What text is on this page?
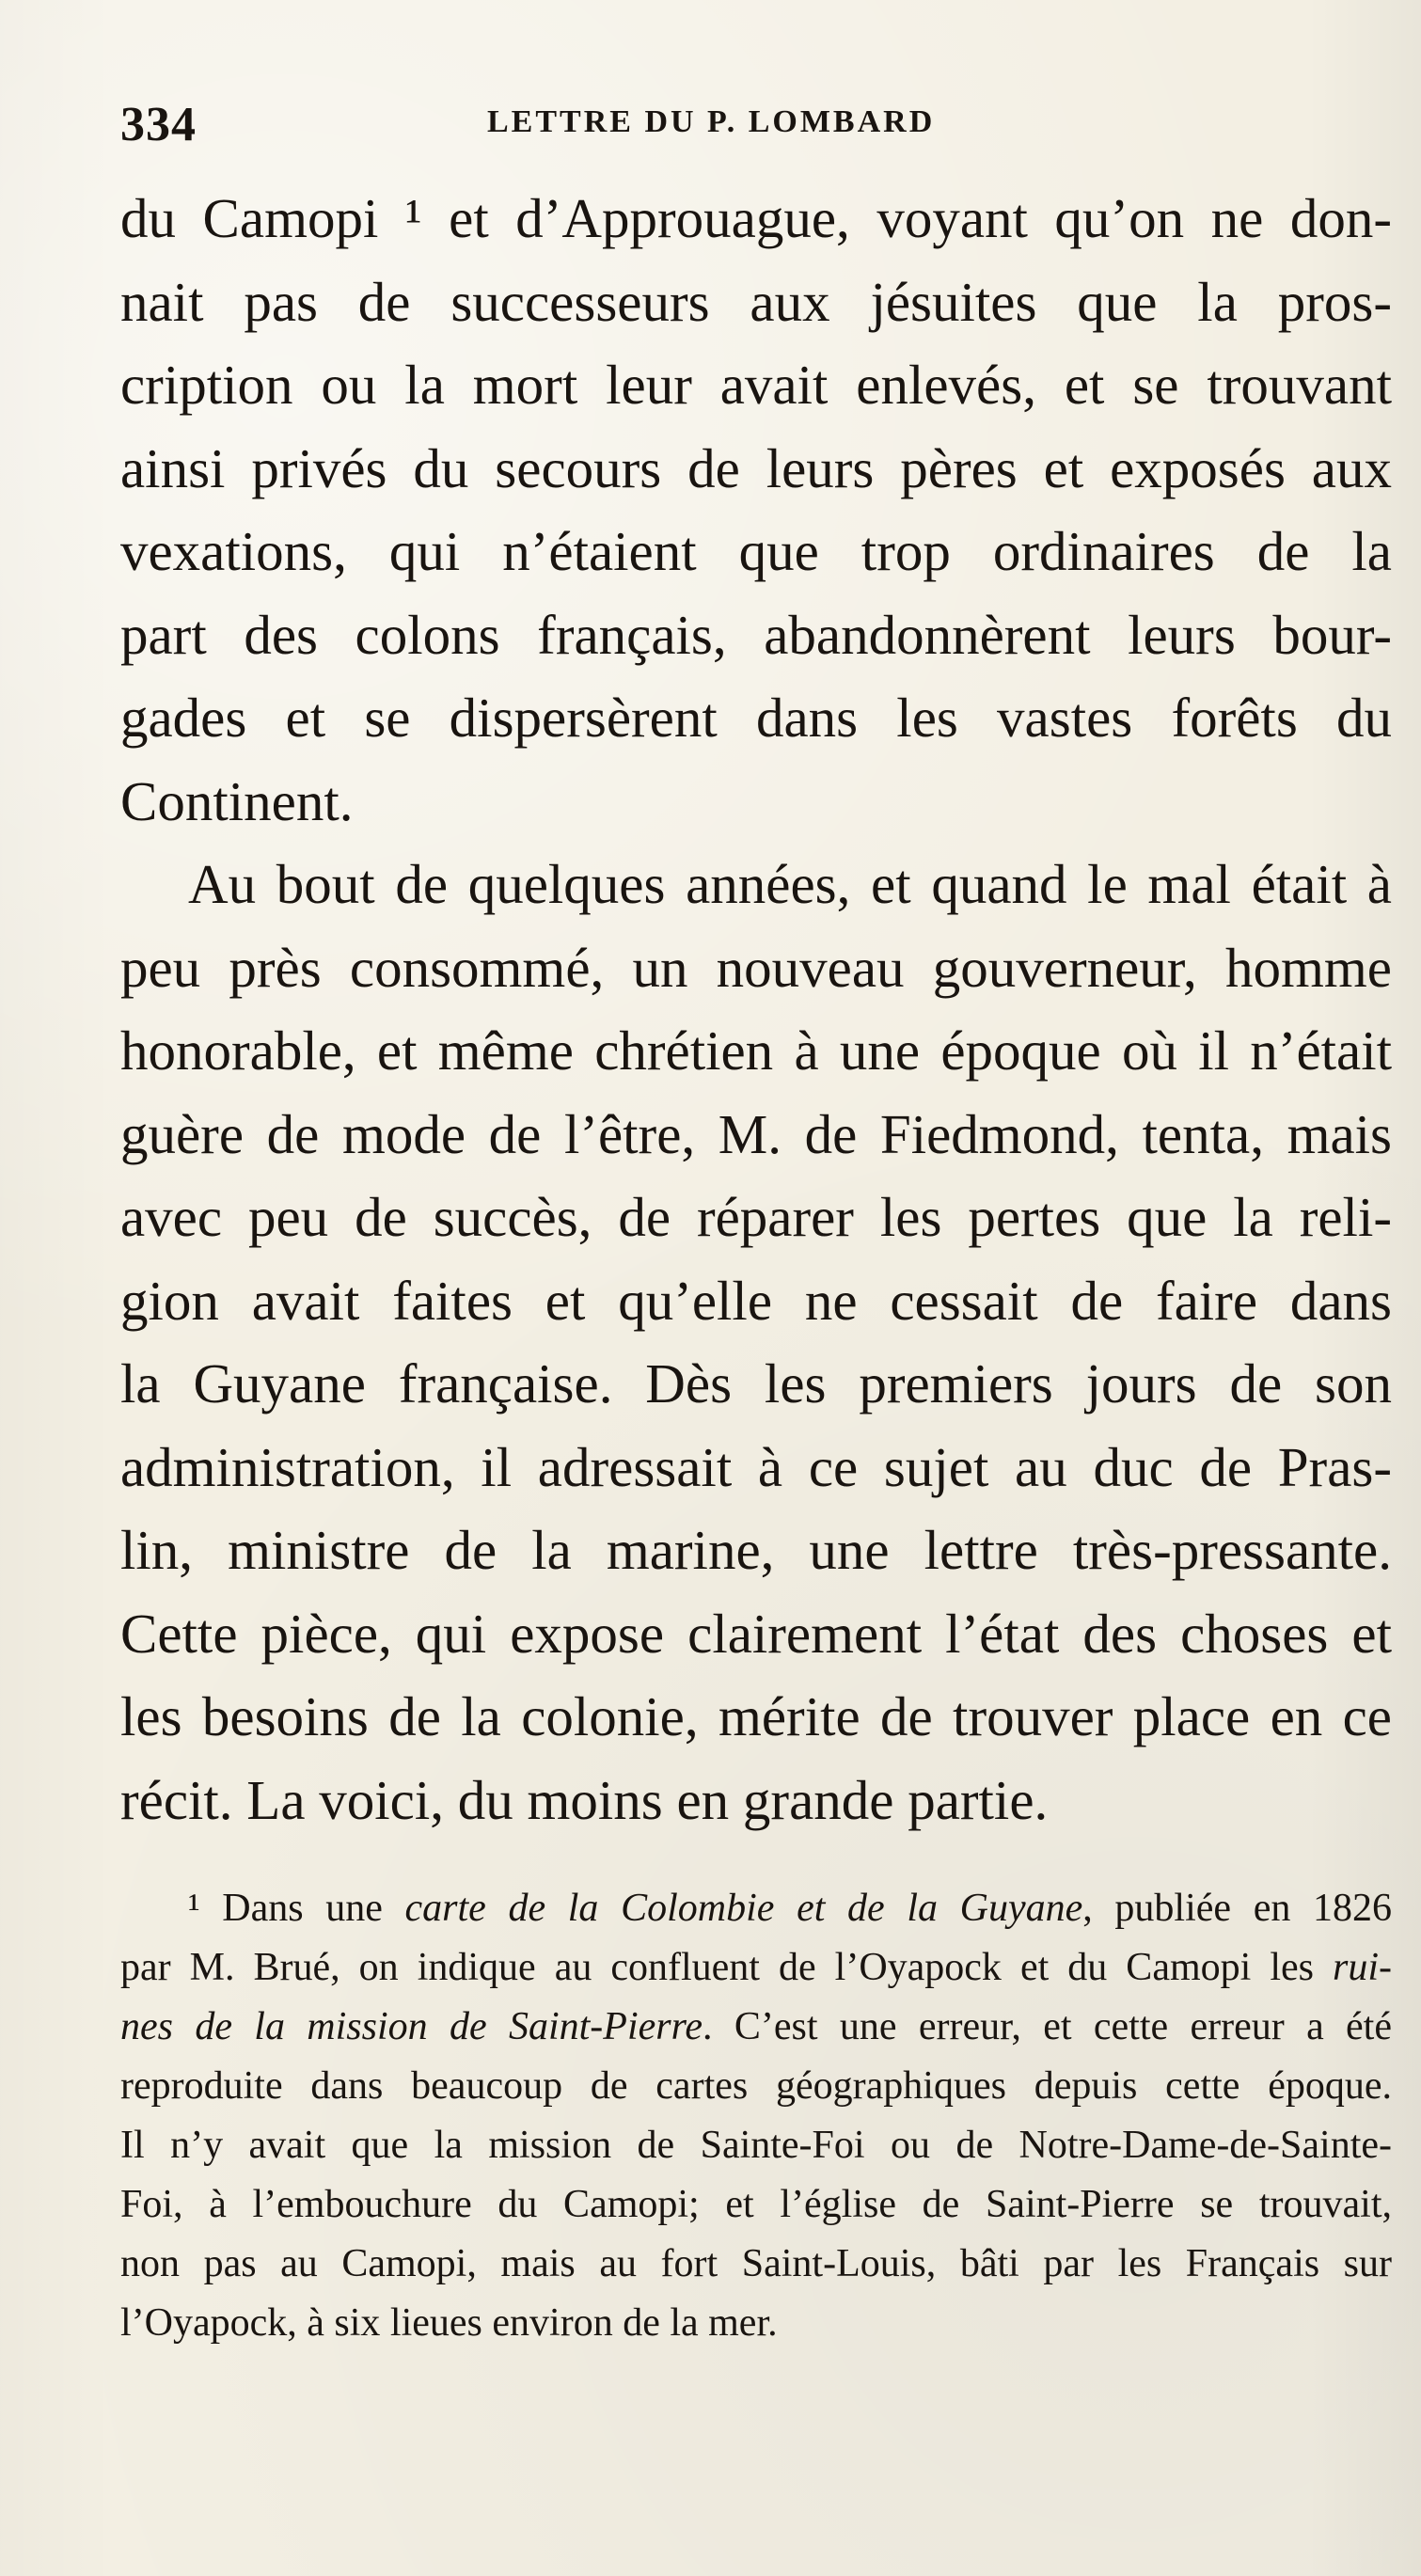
334	LETTRE DU P. LOMBARD
du Camopi ¹ et d’Approuague, voyant qu’on ne don-
nait pas de successeurs aux jésuites que la pros-
cription ou la mort leur avait enlevés, et se trouvant
ainsi privés du secours de leurs pères et exposés aux
vexations, qui n’étaient que trop ordinaires de la
part des colons français, abandonnèrent leurs bour-
gades et se dispersèrent dans les vastes forêts du
Continent.
Au bout de quelques années, et quand le mal était à
peu près consommé, un nouveau gouverneur, homme
honorable, et même chrétien à une époque où il n’était
guère de mode de l’être, M. de Fiedmond, tenta, mais
avec peu de succès, de réparer les pertes que la reli-
gion avait faites et qu’elle ne cessait de faire dans
la Guyane française. Dès les premiers jours de son
administration, il adressait à ce sujet au duc de Pras-
lin, ministre de la marine, une lettre très-pressante.
Cette pièce, qui expose clairement l’état des choses et
les besoins de la colonie, mérite de trouver place en ce
récit. La voici, du moins en grande partie.
¹ Dans une carte de la Colombie et de la Guyane, publiée en 1826
par M. Brué, on indique au confluent de l’Oyapock et du Camopi les rui-
nes de la mission de Saint-Pierre. C’est une erreur, et cette erreur a été
reproduite dans beaucoup de cartes géographiques depuis cette époque.
Il n’y avait que la mission de Sainte-Foi ou de Notre-Dame-de-Sainte-
Foi, à l’embouchure du Camopi; et l’église de Saint-Pierre se trouvait,
non pas au Camopi, mais au fort Saint-Louis, bâti par les Français sur
l’Oyapock, à six lieues environ de la mer.
